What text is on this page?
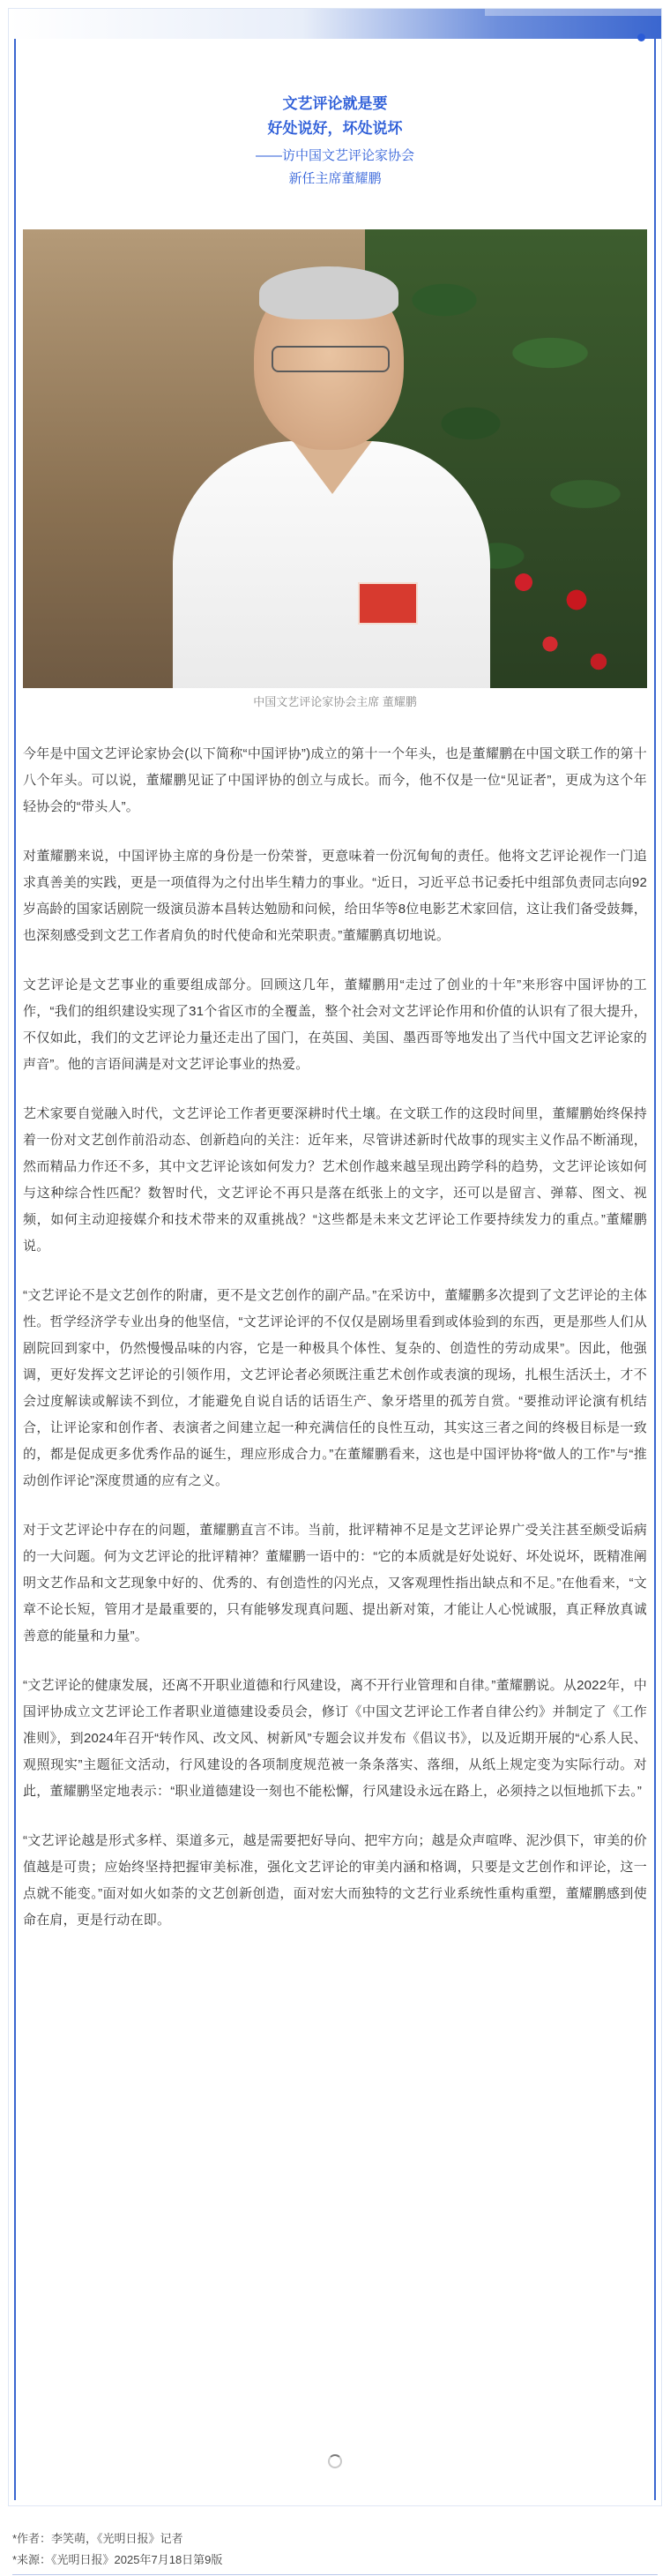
文艺评论就是要

好处说好，坏处说坏

——访中国文艺评论家协会

新任主席董耀鹏

中国文艺评论家协会主席 董耀鹏

今年是中国文艺评论家协会(以下简称“中国评协”)成立的第十一个年头，也是董耀鹏在中国文联工作的第十八个年头。可以说，董耀鹏见证了中国评协的创立与成长。而今，他不仅是一位“见证者”，更成为这个年轻协会的“带头人”。

对董耀鹏来说，中国评协主席的身份是一份荣誉，更意味着一份沉甸甸的责任。他将文艺评论视作一门追求真善美的实践，更是一项值得为之付出毕生精力的事业。“近日，习近平总书记委托中组部负责同志向92岁高龄的国家话剧院一级演员游本昌转达勉励和问候，给田华等8位电影艺术家回信，这让我们备受鼓舞，也深刻感受到文艺工作者肩负的时代使命和光荣职责。”董耀鹏真切地说。

文艺评论是文艺事业的重要组成部分。回顾这几年，董耀鹏用“走过了创业的十年”来形容中国评协的工作，“我们的组织建设实现了31个省区市的全覆盖，整个社会对文艺评论作用和价值的认识有了很大提升，不仅如此，我们的文艺评论力量还走出了国门，在英国、美国、墨西哥等地发出了当代中国文艺评论家的声音”。他的言语间满是对文艺评论事业的热爱。

艺术家要自觉融入时代，文艺评论工作者更要深耕时代土壤。在文联工作的这段时间里，董耀鹏始终保持着一份对文艺创作前沿动态、创新趋向的关注：近年来，尽管讲述新时代故事的现实主义作品不断涌现，然而精品力作还不多，其中文艺评论该如何发力？艺术创作越来越呈现出跨学科的趋势，文艺评论该如何与这种综合性匹配？数智时代，文艺评论不再只是落在纸张上的文字，还可以是留言、弹幕、图文、视频，如何主动迎接媒介和技术带来的双重挑战？“这些都是未来文艺评论工作要持续发力的重点。”董耀鹏说。

“文艺评论不是文艺创作的附庸，更不是文艺创作的副产品。”在采访中，董耀鹏多次提到了文艺评论的主体性。哲学经济学专业出身的他坚信，“文艺评论评的不仅仅是剧场里看到或体验到的东西，更是那些人们从剧院回到家中，仍然慢慢品味的内容，它是一种极具个体性、复杂的、创造性的劳动成果”。因此，他强调，更好发挥文艺评论的引领作用，文艺评论者必须既注重艺术创作或表演的现场，扎根生活沃土，才不会过度解读或解读不到位，才能避免自说自话的话语生产、象牙塔里的孤芳自赏。“要推动评论演有机结合，让评论家和创作者、表演者之间建立起一种充满信任的良性互动，其实这三者之间的终极目标是一致的，都是促成更多优秀作品的诞生，理应形成合力。”在董耀鹏看来，这也是中国评协将“做人的工作”与“推动创作评论”深度贯通的应有之义。

对于文艺评论中存在的问题，董耀鹏直言不讳。当前，批评精神不足是文艺评论界广受关注甚至颇受诟病的一大问题。何为文艺评论的批评精神？董耀鹏一语中的：“它的本质就是好处说好、坏处说坏，既精准阐明文艺作品和文艺现象中好的、优秀的、有创造性的闪光点，又客观理性指出缺点和不足。”在他看来，“文章不论长短，管用才是最重要的，只有能够发现真问题、提出新对策，才能让人心悦诚服，真正释放真诚善意的能量和力量”。

“文艺评论的健康发展，还离不开职业道德和行风建设，离不开行业管理和自律。”董耀鹏说。从2022年，中国评协成立文艺评论工作者职业道德建设委员会，修订《中国文艺评论工作者自律公约》并制定了《工作准则》，到2024年召开“转作风、改文风、树新风”专题会议并发布《倡议书》，以及近期开展的“心系人民、观照现实”主题征文活动，行风建设的各项制度规范被一条条落实、落细，从纸上规定变为实际行动。对此，董耀鹏坚定地表示：“职业道德建设一刻也不能松懈，行风建设永远在路上，必须持之以恒地抓下去。”

“文艺评论越是形式多样、渠道多元，越是需要把好导向、把牢方向；越是众声喧哗、泥沙俱下，审美的价值越是可贵；应始终坚持把握审美标准，强化文艺评论的审美内涵和格调，只要是文艺创作和评论，这一点就不能变。”面对如火如荼的文艺创新创造，面对宏大而独特的文艺行业系统性重构重塑，董耀鹏感到使命在肩，更是行动在即。

*作者：李笑萌，《光明日报》记者

*来源：《光明日报》2025年7月18日第9版
